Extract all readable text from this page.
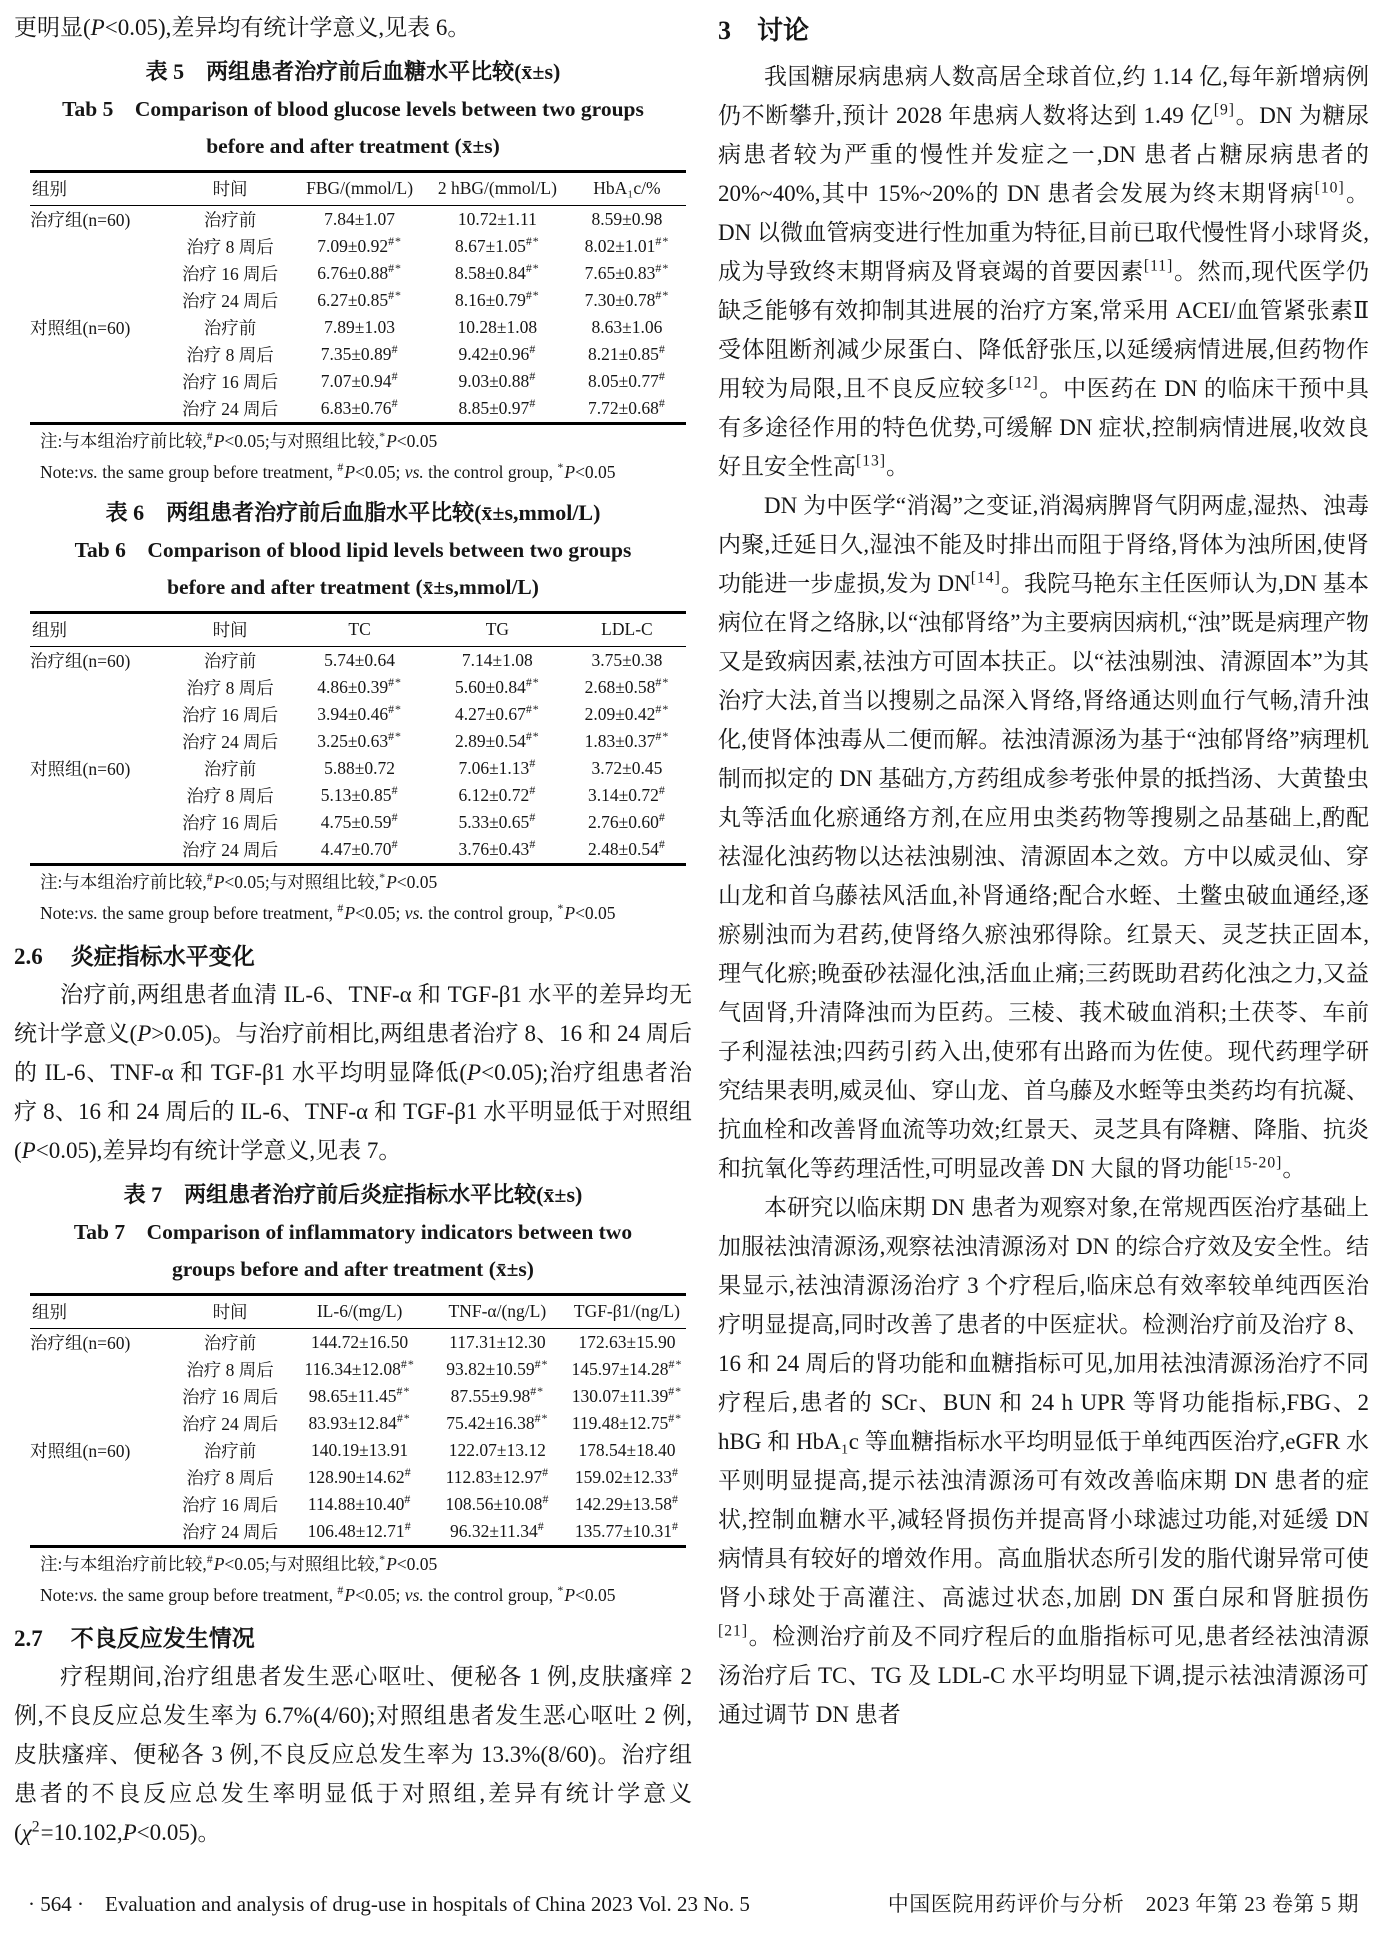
更明显(P<0.05),差异均有统计学意义,见表 6。

表 5　两组患者治疗前后血糖水平比较(x̄±s)
Tab 5　Comparison of blood glucose levels between two groups before and after treatment (x̄±s)
组别	时间	FBG/(mmol/L)	2 hBG/(mmol/L)	HbA₁c/%
治疗组(n=60)	治疗前	7.84±1.07	10.72±1.11	8.59±0.98
	治疗 8 周后	7.09±0.92#*	8.67±1.05#*	8.02±1.01#*
	治疗 16 周后	6.76±0.88#*	8.58±0.84#*	7.65±0.83#*
	治疗 24 周后	6.27±0.85#*	8.16±0.79#*	7.30±0.78#*
对照组(n=60)	治疗前	7.89±1.03	10.28±1.08	8.63±1.06
	治疗 8 周后	7.35±0.89#	9.42±0.96#	8.21±0.85#
	治疗 16 周后	7.07±0.94#	9.03±0.88#	8.05±0.77#
	治疗 24 周后	6.83±0.76#	8.85±0.97#	7.72±0.68#

注:与本组治疗前比较,#P<0.05;与对照组比较,*P<0.05

Note:vs. the same group before treatment, #P<0.05; vs. the control group, *P<0.05

表 6　两组患者治疗前后血脂水平比较(x̄±s,mmol/L)
Tab 6　Comparison of blood lipid levels between two groups before and after treatment (x̄±s,mmol/L)
组别	时间	TC	TG	LDL-C
治疗组(n=60)	治疗前	5.74±0.64	7.14±1.08	3.75±0.38
	治疗 8 周后	4.86±0.39#*	5.60±0.84#*	2.68±0.58#*
	治疗 16 周后	3.94±0.46#*	4.27±0.67#*	2.09±0.42#*
	治疗 24 周后	3.25±0.63#*	2.89±0.54#*	1.83±0.37#*
对照组(n=60)	治疗前	5.88±0.72	7.06±1.13#	3.72±0.45
	治疗 8 周后	5.13±0.85#	6.12±0.72#	3.14±0.72#
	治疗 16 周后	4.75±0.59#	5.33±0.65#	2.76±0.60#
	治疗 24 周后	4.47±0.70#	3.76±0.43#	2.48±0.54#

注:与本组治疗前比较,#P<0.05;与对照组比较,*P<0.05

Note:vs. the same group before treatment, #P<0.05; vs. the control group, *P<0.05

2.6 炎症指标水平变化

治疗前,两组患者血清 IL-6、TNF-α 和 TGF-β1 水平的差异均无统计学意义(P>0.05)。与治疗前相比,两组患者治疗 8、16 和 24 周后的 IL-6、TNF-α 和 TGF-β1 水平均明显降低(P<0.05);治疗组患者治疗 8、16 和 24 周后的 IL-6、TNF-α 和 TGF-β1 水平明显低于对照组(P<0.05),差异均有统计学意义,见表 7。

表 7　两组患者治疗前后炎症指标水平比较(x̄±s)
Tab 7　Comparison of inflammatory indicators between two groups before and after treatment (x̄±s)
组别	时间	IL-6/(mg/L)	TNF-α/(ng/L)	TGF-β1/(ng/L)
治疗组(n=60)	治疗前	144.72±16.50	117.31±12.30	172.63±15.90
	治疗 8 周后	116.34±12.08#*	93.82±10.59#*	145.97±14.28#*
	治疗 16 周后	98.65±11.45#*	87.55±9.98#*	130.07±11.39#*
	治疗 24 周后	83.93±12.84#*	75.42±16.38#*	119.48±12.75#*
对照组(n=60)	治疗前	140.19±13.91	122.07±13.12	178.54±18.40
	治疗 8 周后	128.90±14.62#	112.83±12.97#	159.02±12.33#
	治疗 16 周后	114.88±10.40#	108.56±10.08#	142.29±13.58#
	治疗 24 周后	106.48±12.71#	96.32±11.34#	135.77±10.31#

注:与本组治疗前比较,#P<0.05;与对照组比较,*P<0.05

Note:vs. the same group before treatment, #P<0.05; vs. the control group, *P<0.05

2.7 不良反应发生情况

疗程期间,治疗组患者发生恶心呕吐、便秘各 1 例,皮肤瘙痒 2 例,不良反应总发生率为 6.7%(4/60);对照组患者发生恶心呕吐 2 例,皮肤瘙痒、便秘各 3 例,不良反应总发生率为 13.3%(8/60)。治疗组患者的不良反应总发生率明显低于对照组,差异有统计学意义$(\chi^2=10.102,P<0.05)$。

3 讨论

我国糖尿病患病人数高居全球首位,约 1.14 亿,每年新增病例仍不断攀升,预计 2028 年患病人数将达到 1.49 亿[9]。DN 为糖尿病患者较为严重的慢性并发症之一,DN 患者占糖尿病患者的 20%~40%,其中 15%~20%的 DN 患者会发展为终末期肾病[10]。DN 以微血管病变进行性加重为特征,目前已取代慢性肾小球肾炎,成为导致终末期肾病及肾衰竭的首要因素[11]。然而,现代医学仍缺乏能够有效抑制其进展的治疗方案,常采用 ACEI/血管紧张素Ⅱ受体阻断剂减少尿蛋白、降低舒张压,以延缓病情进展,但药物作用较为局限,且不良反应较多[12]。中医药在 DN 的临床干预中具有多途径作用的特色优势,可缓解 DN 症状,控制病情进展,收效良好且安全性高[13]。

DN 为中医学“消渴”之变证,消渴病脾肾气阴两虚,湿热、浊毒内聚,迁延日久,湿浊不能及时排出而阻于肾络,肾体为浊所困,使肾功能进一步虚损,发为 DN[14]。我院马艳东主任医师认为,DN 基本病位在肾之络脉,以“浊郁肾络”为主要病因病机,“浊”既是病理产物又是致病因素,祛浊方可固本扶正。以“祛浊剔浊、清源固本”为其治疗大法,首当以搜剔之品深入肾络,肾络通达则血行气畅,清升浊化,使肾体浊毒从二便而解。祛浊清源汤为基于“浊郁肾络”病理机制而拟定的 DN 基础方,方药组成参考张仲景的抵挡汤、大黄蛰虫丸等活血化瘀通络方剂,在应用虫类药物等搜剔之品基础上,酌配祛湿化浊药物以达祛浊剔浊、清源固本之效。方中以威灵仙、穿山龙和首乌藤祛风活血,补肾通络;配合水蛭、土鳖虫破血通经,逐瘀剔浊而为君药,使肾络久瘀浊邪得除。红景天、灵芝扶正固本,理气化瘀;晚蚕砂祛湿化浊,活血止痛;三药既助君药化浊之力,又益气固肾,升清降浊而为臣药。三棱、莪术破血消积;土茯苓、车前子利湿祛浊;四药引药入出,使邪有出路而为佐使。现代药理学研究结果表明,威灵仙、穿山龙、首乌藤及水蛭等虫类药均有抗凝、抗血栓和改善肾血流等功效;红景天、灵芝具有降糖、降脂、抗炎和抗氧化等药理活性,可明显改善 DN 大鼠的肾功能[15-20]。

本研究以临床期 DN 患者为观察对象,在常规西医治疗基础上加服祛浊清源汤,观察祛浊清源汤对 DN 的综合疗效及安全性。结果显示,祛浊清源汤治疗 3 个疗程后,临床总有效率较单纯西医治疗明显提高,同时改善了患者的中医症状。检测治疗前及治疗 8、16 和 24 周后的肾功能和血糖指标可见,加用祛浊清源汤治疗不同疗程后,患者的 SCr、BUN 和 24 h UPR 等肾功能指标,FBG、2 hBG 和 HbA₁c 等血糖指标水平均明显低于单纯西医治疗,eGFR 水平则明显提高,提示祛浊清源汤可有效改善临床期 DN 患者的症状,控制血糖水平,减轻肾损伤并提高肾小球滤过功能,对延缓 DN 病情具有较好的增效作用。高血脂状态所引发的脂代谢异常可使肾小球处于高灌注、高滤过状态,加剧 DN 蛋白尿和肾脏损伤[21]。检测治疗前及不同疗程后的血脂指标可见,患者经祛浊清源汤治疗后 TC、TG 及 LDL-C 水平均明显下调,提示祛浊清源汤可通过调节 DN 患者

· 564 ·　Evaluation and analysis of drug-use in hospitals of China 2023 Vol. 23 No. 5	中国医院用药评价与分析　2023 年第 23 卷第 5 期
